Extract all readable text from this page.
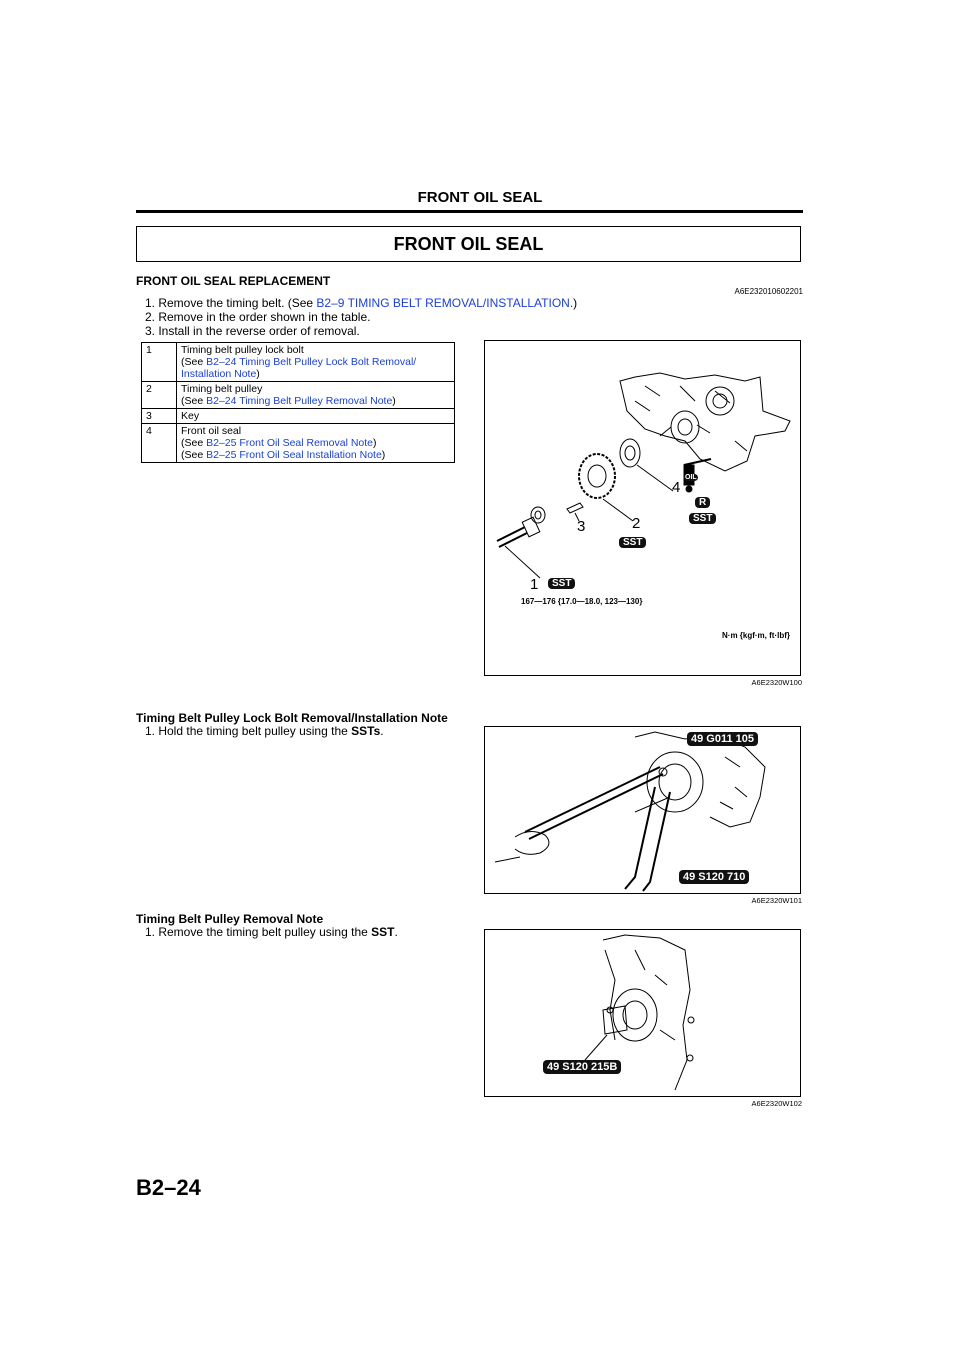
FRONT OIL SEAL
FRONT OIL SEAL
FRONT OIL SEAL REPLACEMENT
A6E232010602201
1. Remove the timing belt. (See B2–9 TIMING BELT REMOVAL/INSTALLATION.)
2. Remove in the order shown in the table.
3. Install in the reverse order of removal.
1	Timing belt pulley lock bolt
(See B2–24 Timing Belt Pulley Lock Bolt Removal/ Installation Note)

2	Timing belt pulley
(See B2–24 Timing Belt Pulley Removal Note)

3	Key

4	Front oil seal
(See B2–25 Front Oil Seal Removal Note)
(See B2–25 Front Oil Seal Installation Note)
1
2
3
4
OIL
R
SST
SST
SST
167—176 {17.0—18.0, 123—130}
N·m {kgf·m, ft·lbf}
A6E2320W100
Timing Belt Pulley Lock Bolt Removal/Installation Note
1. Hold the timing belt pulley using the SSTs.
49 G011 105
49 S120 710
A6E2320W101
Timing Belt Pulley Removal Note
1. Remove the timing belt pulley using the SST.
49 S120 215B
A6E2320W102
B2–24
